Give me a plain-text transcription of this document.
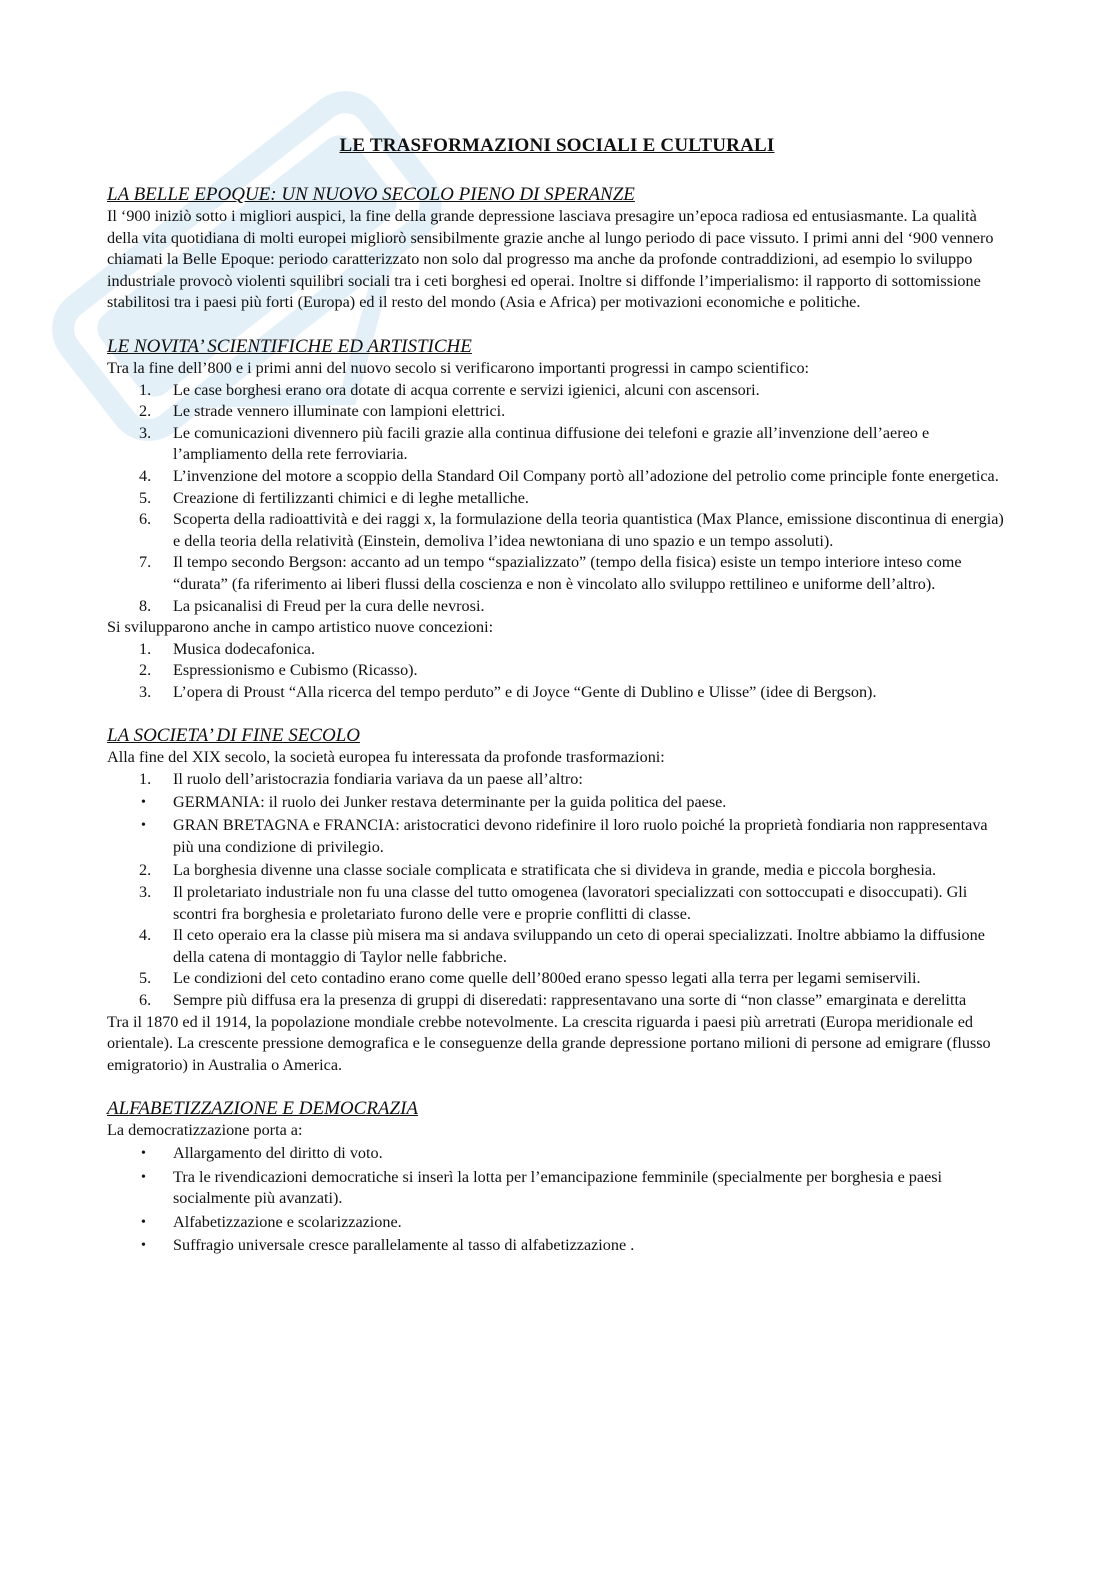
LE TRASFORMAZIONI SOCIALI E CULTURALI
LA BELLE EPOQUE: UN NUOVO SECOLO PIENO DI SPERANZE

Il ‘900 iniziò sotto i migliori auspici, la fine della grande depressione lasciava presagire un’epoca radiosa ed entusiasmante. La qualità della vita quotidiana di molti europei migliorò sensibilmente grazie anche al lungo periodo di pace vissuto. I primi anni del ‘900 vennero chiamati la Belle Epoque: periodo caratterizzato non solo dal progresso ma anche da profonde contraddizioni, ad esempio lo sviluppo industriale provocò violenti squilibri sociali tra i ceti borghesi ed operai. Inoltre si diffonde l’imperialismo: il rapporto di sottomissione stabilitosi tra i paesi più forti (Europa) ed il resto del mondo (Asia e Africa) per motivazioni economiche e politiche.

LE NOVITA’ SCIENTIFICHE ED ARTISTICHE

Tra la fine dell’800 e i primi anni del nuovo secolo si verificarono importanti progressi in campo scientifico:

1.	Le case borghesi erano ora dotate di acqua corrente e servizi igienici, alcuni con ascensori.
2.	Le strade vennero illuminate con lampioni elettrici.
3.	Le comunicazioni divennero più facili grazie alla continua diffusione dei telefoni e grazie all’invenzione dell’aereo e l’ampliamento della rete ferroviaria.
4.	L’invenzione del motore a scoppio della Standard Oil Company portò all’adozione del petrolio come principle fonte energetica.
5.	Creazione di fertilizzanti chimici e di leghe metalliche.
6.	Scoperta della radioattività e dei raggi x, la formulazione della teoria quantistica (Max Plance, emissione discontinua di energia) e della teoria della relatività (Einstein, demoliva l’idea newtoniana di uno spazio e un tempo assoluti).
7.	Il tempo secondo Bergson: accanto ad un tempo “spazializzato” (tempo della fisica) esiste un tempo interiore inteso come “durata” (fa riferimento ai liberi flussi della coscienza e non è vincolato allo sviluppo rettilineo e uniforme dell’altro).
8.	La psicanalisi di Freud per la cura delle nevrosi.

Si svilupparono anche in campo artistico nuove concezioni:

1.	Musica dodecafonica.
2.	Espressionismo e Cubismo (Ricasso).
3.	L’opera di Proust “Alla ricerca del tempo perduto” e di Joyce “Gente di Dublino e Ulisse” (idee di Bergson).
LA SOCIETA’ DI FINE SECOLO

Alla fine del XIX secolo, la società europea fu interessata da profonde trasformazioni:

1.	Il ruolo dell’aristocrazia fondiaria variava da un paese all’altro:
• GERMANIA: il ruolo dei Junker restava determinante per la guida politica del paese.
• GRAN BRETAGNA e FRANCIA: aristocratici devono ridefinire il loro ruolo poiché la proprietà fondiaria non rappresentava più una condizione di privilegio.
2.	La borghesia divenne una classe sociale complicata e stratificata che si divideva in grande, media e piccola borghesia.
3.	Il proletariato industriale non fu una classe del tutto omogenea (lavoratori specializzati con sottoccupati e disoccupati). Gli scontri fra borghesia e proletariato furono delle vere e proprie conflitti di classe.
4.	Il ceto operaio era la classe più misera ma si andava sviluppando un ceto di operai specializzati. Inoltre abbiamo la diffusione della catena di montaggio di Taylor nelle fabbriche.
5.	Le condizioni del ceto contadino erano come quelle dell’800ed erano spesso legati alla terra per legami semiservili.
6.	Sempre più diffusa era la presenza di gruppi di diseredati: rappresentavano una sorte di “non classe” emarginata e derelitta

Tra il 1870 ed il 1914, la popolazione mondiale crebbe notevolmente. La crescita riguarda i paesi più arretrati (Europa meridionale ed orientale). La crescente pressione demografica e le conseguenze della grande depressione portano milioni di persone ad emigrare (flusso emigratorio) in Australia o America.

ALFABETIZZAZIONE E DEMOCRAZIA

La democratizzazione porta a:

• Allargamento del diritto di voto.
• Tra le rivendicazioni democratiche si inserì la lotta per l’emancipazione femminile (specialmente per borghesia e paesi socialmente più avanzati).
• Alfabetizzazione e scolarizzazione.
• Suffragio universale cresce parallelamente al tasso di alfabetizzazione .
